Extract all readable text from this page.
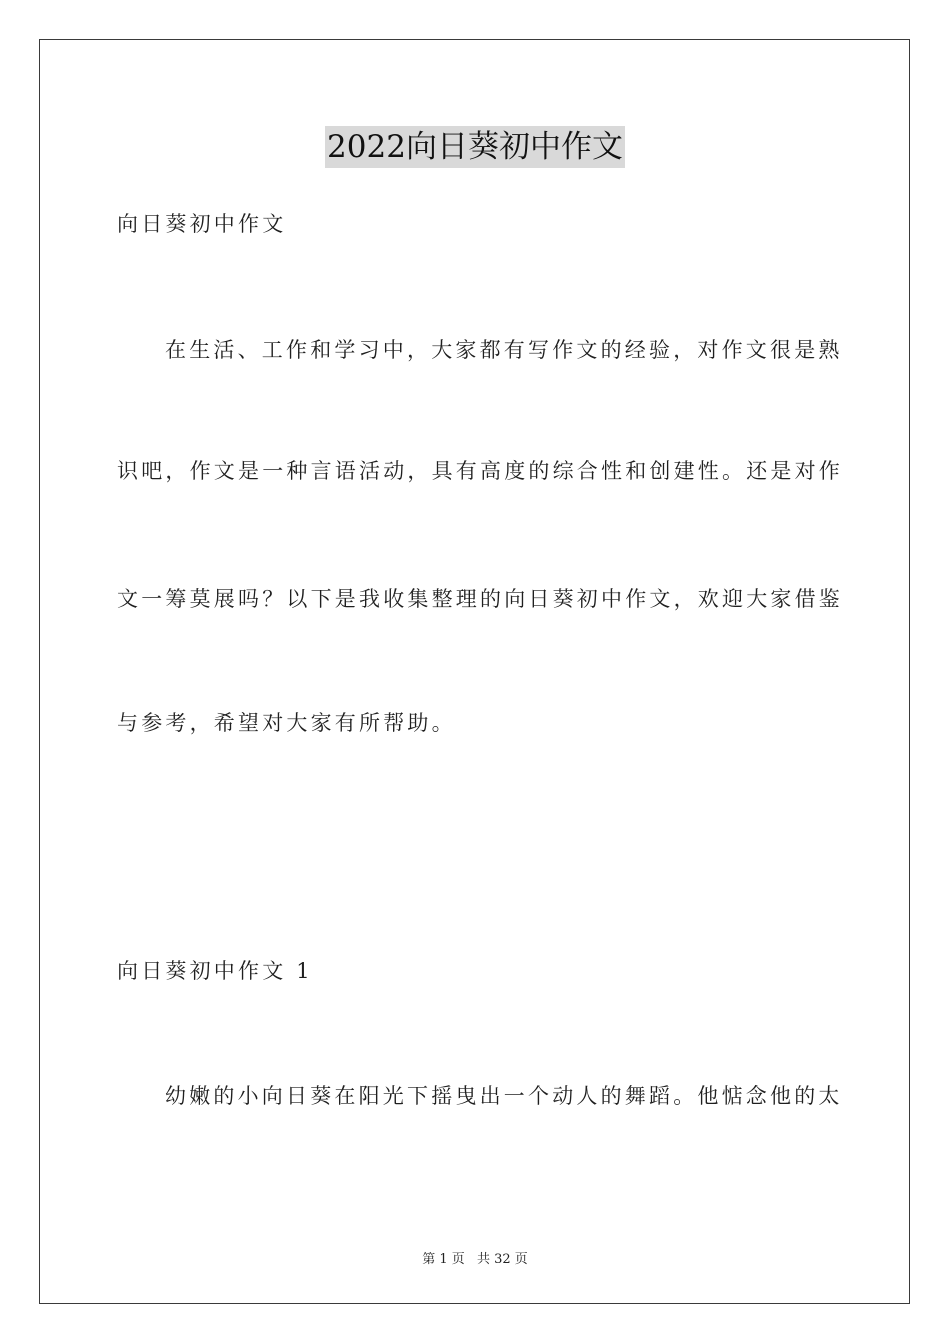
2022向日葵初中作文
向日葵初中作文
在生活、工作和学习中，大家都有写作文的经验，对作文很是熟
识吧，作文是一种言语活动，具有高度的综合性和创建性。还是对作
文一筹莫展吗？以下是我收集整理的向日葵初中作文，欢迎大家借鉴
与参考，希望对大家有所帮助。
向日葵初中作文 1
幼嫩的小向日葵在阳光下摇曳出一个动人的舞蹈。他惦念他的太
第 1 页 共 32 页
